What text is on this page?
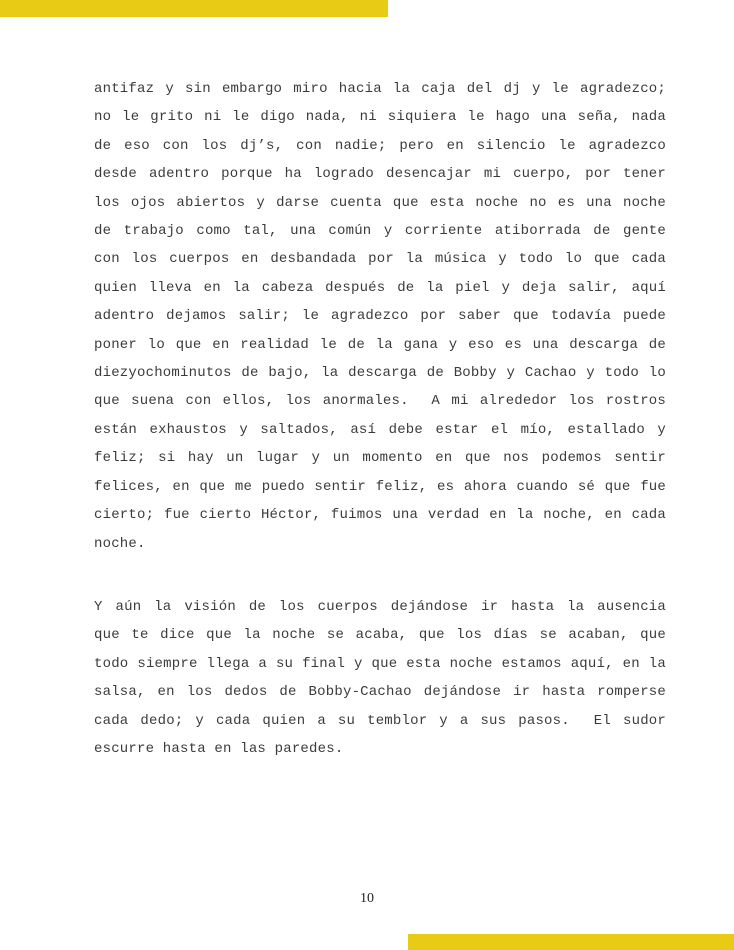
antifaz y sin embargo miro hacia la caja del dj y le agradezco;
no le grito ni le digo nada, ni siquiera le hago una seña, nada
de eso con los dj’s, con nadie; pero en silencio le agradezco
desde adentro porque ha logrado desencajar mi cuerpo, por tener
los ojos abiertos y darse cuenta que esta noche no es una noche
de trabajo como tal, una común y corriente atiborrada de gente
con los cuerpos en desbandada por la música y todo lo que cada
quien lleva en la cabeza después de la piel y deja salir, aquí
adentro dejamos salir; le agradezco por saber que todavía puede
poner lo que en realidad le de la gana y eso es una descarga de
diezyochominutos de bajo, la descarga de Bobby y Cachao y todo lo
que suena con ellos, los anormales.  A mi alrededor los rostros
están exhaustos y saltados, así debe estar el mío, estallado y
feliz; si hay un lugar y un momento en que nos podemos sentir
felices, en que me puedo sentir feliz, es ahora cuando sé que fue
cierto; fue cierto Héctor, fuimos una verdad en la noche, en cada
noche.
Y aún la visión de los cuerpos dejándose ir hasta la ausencia
que te dice que la noche se acaba, que los días se acaban, que
todo siempre llega a su final y que esta noche estamos aquí, en la
salsa, en los dedos de Bobby-Cachao dejándose ir hasta romperse
cada dedo; y cada quien a su temblor y a sus pasos.  El sudor
escurre hasta en las paredes.
10
